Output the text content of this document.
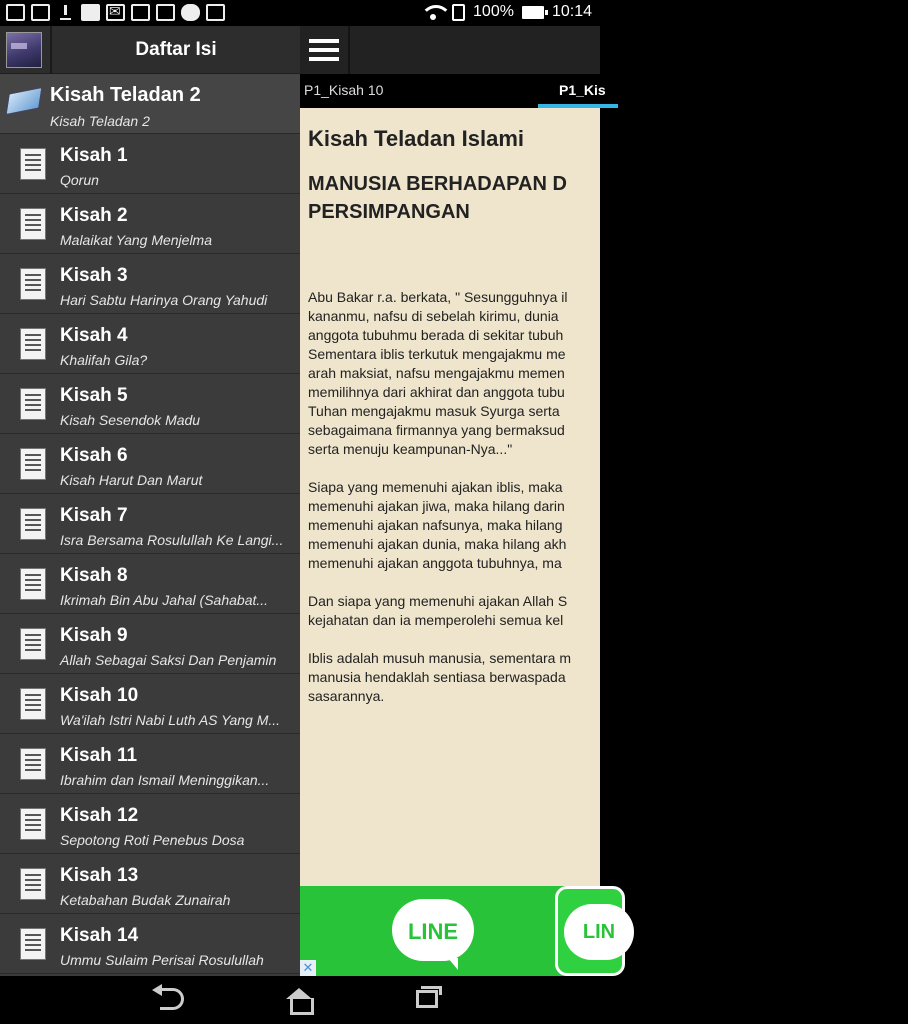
✉
100% 10:14
Daftar Isi
Kisah Teladan 2
Kisah Teladan 2
Kisah 1
Qorun
Kisah 2
Malaikat Yang Menjelma
Kisah 3
Hari Sabtu Harinya Orang Yahudi
Kisah 4
Khalifah Gila?
Kisah 5
Kisah Sesendok Madu
Kisah 6
Kisah Harut Dan Marut
Kisah 7
Isra Bersama Rosulullah Ke Langi...
Kisah 8
Ikrimah Bin Abu Jahal (Sahabat...
Kisah 9
Allah Sebagai Saksi Dan Penjamin
Kisah 10
Wa'ilah Istri Nabi Luth AS Yang M...
Kisah 11
Ibrahim dan Ismail Meninggikan...
Kisah 12
Sepotong Roti Penebus Dosa
Kisah 13
Ketabahan Budak Zunairah
Kisah 14
Ummu Sulaim Perisai Rosulullah
P1_Kisah 10	P1_Kis
Kisah Teladan Islami
MANUSIA BERHADAPAN D
PERSIMPANGAN
Abu Bakar r.a. berkata, " Sesungguhnya il
kananmu, nafsu di sebelah kirimu, dunia
anggota tubuhmu berada di sekitar tubuh
Sementara iblis terkutuk mengajakmu me
arah maksiat, nafsu mengajakmu memen
memilihnya dari akhirat dan anggota tubu
Tuhan mengajakmu masuk Syurga serta
sebagaimana firmannya yang bermaksud
serta menuju keampunan-Nya..."
Siapa yang memenuhi ajakan iblis, maka
memenuhi ajakan jiwa, maka hilang darin
memenuhi ajakan nafsunya, maka hilang
memenuhi ajakan dunia, maka hilang akh
memenuhi ajakan anggota tubuhnya, ma
Dan siapa yang memenuhi ajakan Allah S
kejahatan dan ia memperolehi semua kel
Iblis adalah musuh manusia, sementara m
manusia hendaklah sentiasa berwaspada
sasarannya.
LINE	LIN
✕
